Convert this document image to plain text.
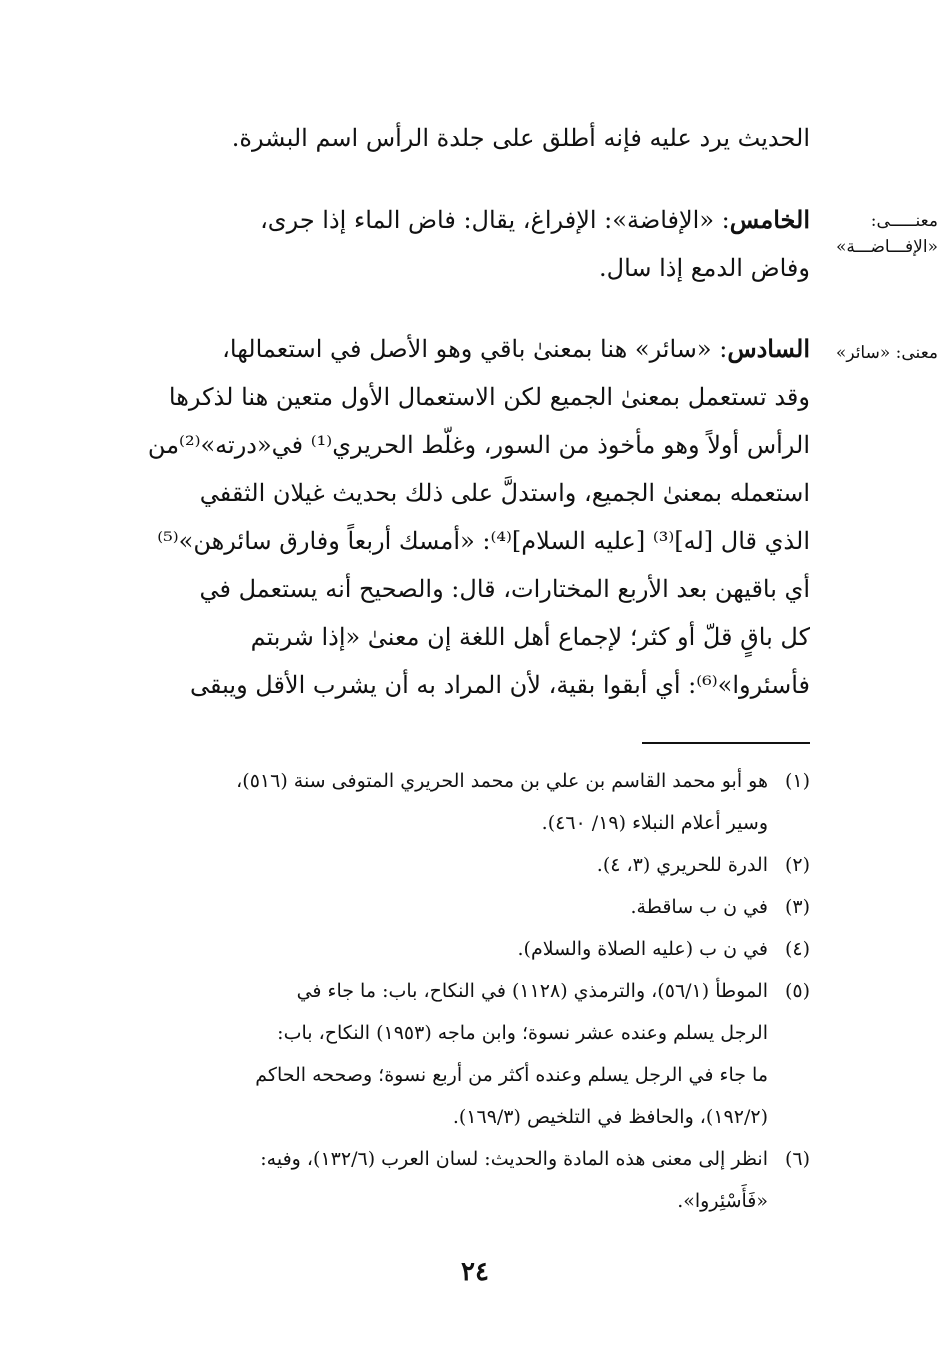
الحديث يرد عليه فإنه أطلق على جلدة الرأس اسم البشرة.
معنـــــى:
«الإفـــاضـــة»
الخامس: «الإفاضة»: الإفراغ، يقال: فاض الماء إذا جرى،
وفاض الدمع إذا سال.
معنى: «سائر»
السادس: «سائر» هنا بمعنىٰ باقي وهو الأصل في استعمالها،
وقد تستعمل بمعنىٰ الجميع لكن الاستعمال الأول متعين هنا لذكرها
الرأس أولاً وهو مأخوذ من السور، وغلّط الحريري⁽¹⁾ في«درته»⁽²⁾من
استعمله بمعنىٰ الجميع، واستدلَّ على ذلك بحديث غيلان الثقفي
الذي قال [له]⁽³⁾ [عليه السلام]⁽⁴⁾: «أمسك أربعاً وفارق سائرهن»⁽⁵⁾
أي باقيهن بعد الأربع المختارات، قال: والصحيح أنه يستعمل في
كل باقٍ قلّ أو كثر؛ لإجماع أهل اللغة إن معنىٰ «إذا شربتم
فأسئروا»⁽⁶⁾: أي أبقوا بقية، لأن المراد به أن يشرب الأقل ويبقى
(١)
هو أبو محمد القاسم بن علي بن محمد الحريري المتوفى سنة (٥١٦)،
وسير أعلام النبلاء (١٩/ ٤٦٠).
(٢)
الدرة للحريري (٣، ٤).
(٣)
في ن ب ساقطة.
(٤)
في ن ب (عليه الصلاة والسلام).
(٥)
الموطأ (٥٦/١)، والترمذي (١١٢٨) في النكاح، باب: ما جاء في
الرجل يسلم وعنده عشر نسوة؛ وابن ماجه (١٩٥٣) النكاح، باب:
ما جاء في الرجل يسلم وعنده أكثر من أربع نسوة؛ وصححه الحاكم
(١٩٢/٢)، والحافظ في التلخيص (١٦٩/٣).
(٦)
انظر إلى معنى هذه المادة والحديث: لسان العرب (١٣٢/٦)، وفيه:
«فَأَسْئِروا».
٢٤
